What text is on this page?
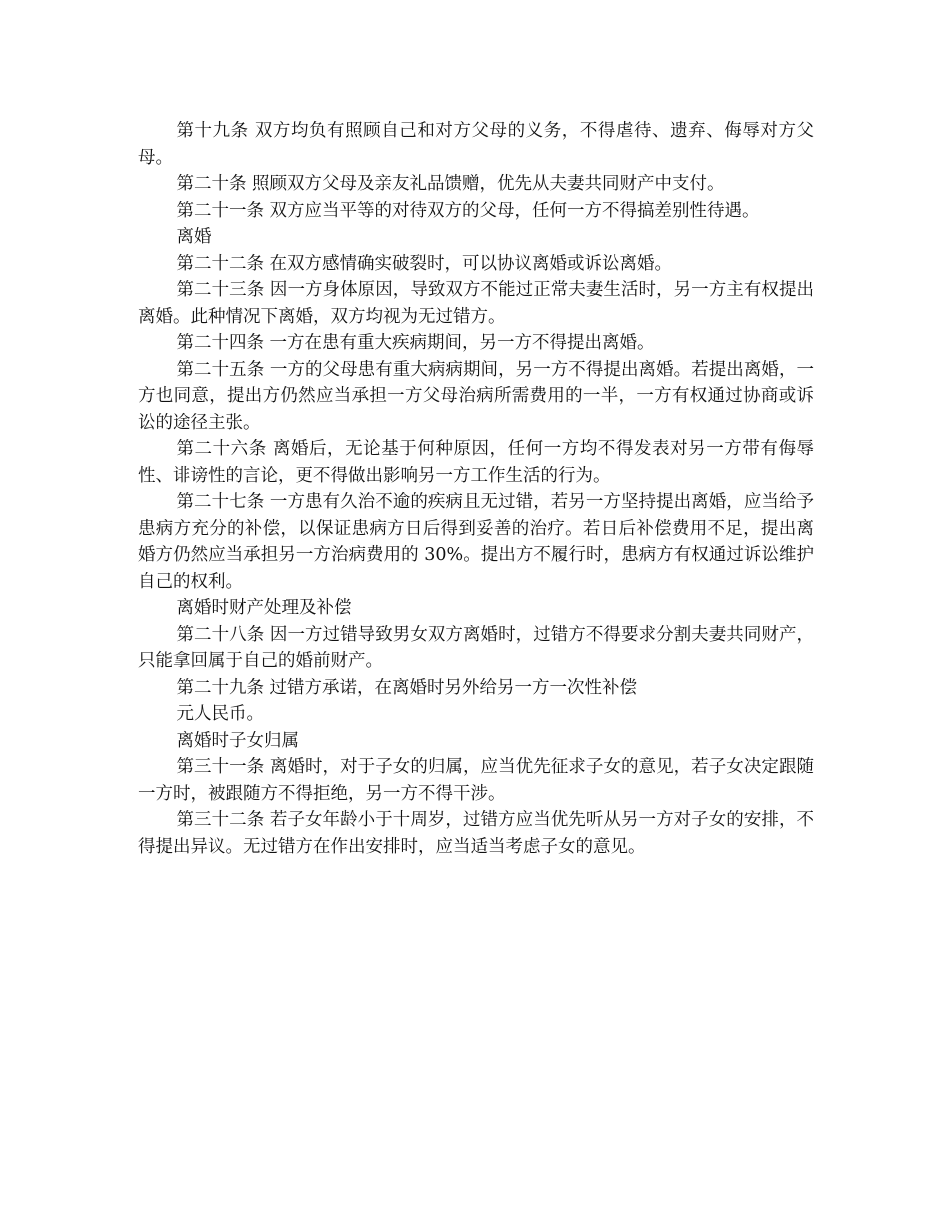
第十九条 双方均负有照顾自己和对方父母的义务，不得虐待、遗弃、侮辱对方父母。

第二十条 照顾双方父母及亲友礼品馈赠，优先从夫妻共同财产中支付。

第二十一条 双方应当平等的对待双方的父母，任何一方不得搞差别性待遇。

离婚

第二十二条 在双方感情确实破裂时，可以协议离婚或诉讼离婚。

第二十三条 因一方身体原因，导致双方不能过正常夫妻生活时，另一方主有权提出离婚。此种情况下离婚，双方均视为无过错方。

第二十四条 一方在患有重大疾病期间，另一方不得提出离婚。

第二十五条 一方的父母患有重大病病期间，另一方不得提出离婚。若提出离婚，一方也同意，提出方仍然应当承担一方父母治病所需费用的一半，一方有权通过协商或诉讼的途径主张。

第二十六条 离婚后，无论基于何种原因，任何一方均不得发表对另一方带有侮辱性、诽谤性的言论，更不得做出影响另一方工作生活的行为。

第二十七条 一方患有久治不逾的疾病且无过错，若另一方坚持提出离婚，应当给予患病方充分的补偿，以保证患病方日后得到妥善的治疗。若日后补偿费用不足，提出离婚方仍然应当承担另一方治病费用的 30%。提出方不履行时，患病方有权通过诉讼维护自己的权利。

离婚时财产处理及补偿

第二十八条 因一方过错导致男女双方离婚时，过错方不得要求分割夫妻共同财产，只能拿回属于自己的婚前财产。

第二十九条 过错方承诺，在离婚时另外给另一方一次性补偿

元人民币。

离婚时子女归属

第三十一条 离婚时，对于子女的归属，应当优先征求子女的意见，若子女决定跟随一方时，被跟随方不得拒绝，另一方不得干涉。

第三十二条 若子女年龄小于十周岁，过错方应当优先听从另一方对子女的安排，不得提出异议。无过错方在作出安排时，应当适当考虑子女的意见。
